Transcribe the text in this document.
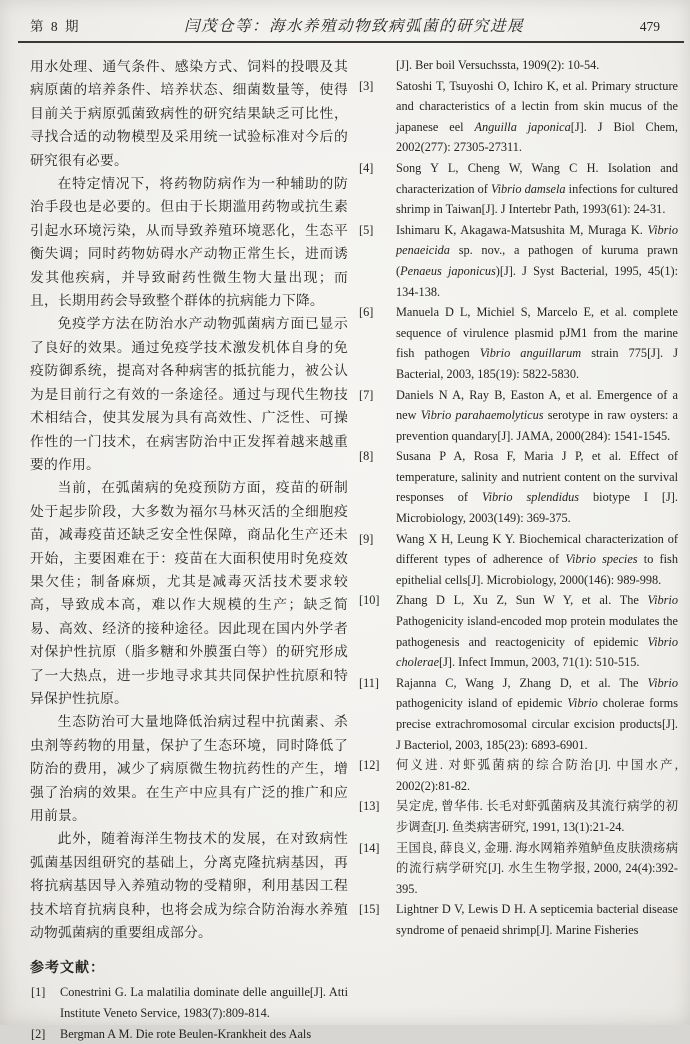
第 8 期	闫茂仓等：海水养殖动物致病弧菌的研究进展	479

用水处理、通气条件、感染方式、饲料的投喂及其病原菌的培养条件、培养状态、细菌数量等，使得目前关于病原弧菌致病性的研究结果缺乏可比性，寻找合适的动物模型及采用统一试验标准对今后的研究很有必要。

在特定情况下，将药物防病作为一种辅助的防治手段也是必要的。但由于长期滥用药物或抗生素引起水环境污染，从而导致养殖环境恶化，生态平衡失调；同时药物妨碍水产动物正常生长，进而诱发其他疾病，并导致耐药性微生物大量出现；而且，长期用药会导致整个群体的抗病能力下降。

免疫学方法在防治水产动物弧菌病方面已显示了良好的效果。通过免疫学技术激发机体自身的免疫防御系统，提高对各种病害的抵抗能力，被公认为是目前行之有效的一条途径。通过与现代生物技术相结合，使其发展为具有高效性、广泛性、可操作性的一门技术，在病害防治中正发挥着越来越重要的作用。

当前，在弧菌病的免疫预防方面，疫苗的研制处于起步阶段，大多数为福尔马林灭活的全细胞疫苗，减毒疫苗还缺乏安全性保障，商品化生产还未开始，主要困难在于：疫苗在大面积使用时免疫效果欠佳；制备麻烦，尤其是减毒灭活技术要求较高，导致成本高，难以作大规模的生产；缺乏简易、高效、经济的接种途径。因此现在国内外学者对保护性抗原（脂多糖和外膜蛋白等）的研究形成了一大热点，进一步地寻求其共同保护性抗原和特异保护性抗原。

生态防治可大量地降低治病过程中抗菌素、杀虫剂等药物的用量，保护了生态环境，同时降低了防治的费用，减少了病原微生物抗药性的产生，增强了治病的效果。在生产中应具有广泛的推广和应用前景。

此外，随着海洋生物技术的发展，在对致病性弧菌基因组研究的基础上，分离克隆抗病基因，再将抗病基因导入养殖动物的受精卵，利用基因工程技术培育抗病良种，也将会成为综合防治海水养殖动物弧菌病的重要组成部分。

参考文献：
[1] Conestrini G. La malatilia dominate delle anguille[J]. Atti Institute Veneto Service, 1983(7):809-814.
[2] Bergman A M. Die rote Beulen-Krankheit des Aals
[J]. Ber boil Versuchssta, 1909(2): 10-54.
[3] Satoshi T, Tsuyoshi O, Ichiro K, et al. Primary structure and characteristics of a lectin from skin mucus of the japanese eel Anguilla japonica[J]. J Biol Chem, 2002(277): 27305-27311.
[4] Song Y L, Cheng W, Wang C H. Isolation and characterization of Vibrio damsela infections for cultured shrimp in Taiwan[J]. J Intertebr Path, 1993(61): 24-31.
[5] Ishimaru K, Akagawa-Matsushita M, Muraga K. Vibrio penaeicida sp. nov., a pathogen of kuruma prawn (Penaeus japonicus)[J]. J Syst Bacterial, 1995, 45(1): 134-138.
[6] Manuela D L, Michiel S, Marcelo E, et al. complete sequence of virulence plasmid pJM1 from the marine fish pathogen Vibrio anguillarum strain 775[J]. J Bacterial, 2003, 185(19): 5822-5830.
[7] Daniels N A, Ray B, Easton A, et al. Emergence of a new Vibrio parahaemolyticus serotype in raw oysters: a prevention quandary[J]. JAMA, 2000(284): 1541-1545.
[8] Susana P A, Rosa F, Maria J P, et al. Effect of temperature, salinity and nutrient content on the survival responses of Vibrio splendidus biotype I [J]. Microbiology, 2003(149): 369-375.
[9] Wang X H, Leung K Y. Biochemical characterization of different types of adherence of Vibrio species to fish epithelial cells[J]. Microbiology, 2000(146): 989-998.
[10] Zhang D L, Xu Z, Sun W Y, et al. The Vibrio Pathogenicity island-encoded mop protein modulates the pathogenesis and reactogenicity of epidemic Vibrio cholerae[J]. Infect Immun, 2003, 71(1): 510-515.
[11] Rajanna C, Wang J, Zhang D, et al. The Vibrio pathogenicity island of epidemic Vibrio cholerae forms precise extrachromosomal circular excision products[J]. J Bacteriol, 2003, 185(23): 6893-6901.
[12] 何义进. 对虾弧菌病的综合防治[J]. 中国水产, 2002(2):81-82.
[13] 吴定虎, 曾华伟. 长毛对虾弧菌病及其流行病学的初步调查[J]. 鱼类病害研究, 1991, 13(1):21-24.
[14] 王国良, 薛良义, 金珊. 海水网箱养殖鲈鱼皮肤溃疡病的流行病学研究[J]. 水生生物学报, 2000, 24(4):392-395.
[15] Lightner D V, Lewis D H. A septicemia bacterial disease syndrome of penaeid shrimp[J]. Marine Fisheries
